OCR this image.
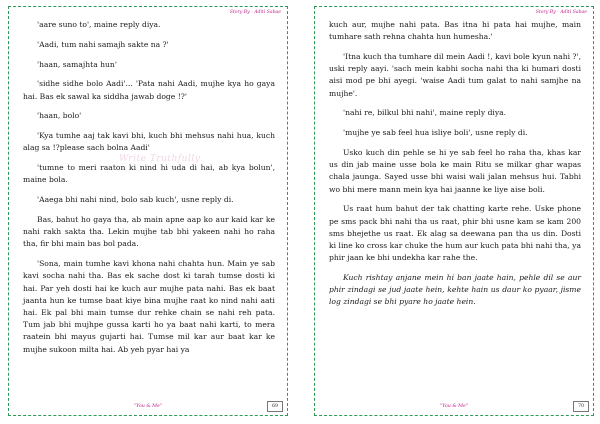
Story By - Aditi Sabae
Write Truthfully

'aare suno to', maine reply diya.

'Aadi, tum nahi samajh sakte na ?'

'haan, samajhta hun'

'sidhe sidhe bolo Aadi'... 'Pata nahi Aadi, mujhe kya ho gaya hai. Bas ek sawal ka siddha jawab doge !?'

'haan, bolo'

'Kya tumhe aaj tak kavi bhi, kuch bhi mehsus nahi hua, kuch alag sa !?please sach bolna Aadi'

'tumne to meri raaton ki nind hi uda di hai, ab kya bolun', maine bola.

'Aaega bhi nahi nind, bolo sab kuch', usne reply di.

Bas, bahut ho gaya tha, ab main apne aap ko aur kaid kar ke nahi rakh sakta tha. Lekin mujhe tab bhi yakeen nahi ho raha tha, fir bhi main bas bol pada.

'Sona, main tumhe kavi khona nahi chahta hun. Main ye sab kavi socha nahi tha. Bas ek sache dost ki tarah tumse dosti ki hai. Par yeh dosti hai ke kuch aur mujhe pata nahi. Bas ek baat jaanta hun ke tumse baat kiye bina mujhe raat ko nind nahi aati hai. Ek pal bhi main tumse dur rehke chain se nahi reh pata. Tum jab bhi mujhpe gussa karti ho ya baat nahi karti, to mera raatein bhi mayus gujarti hai. Tumse mil kar aur baat kar ke mujhe sukoon milta hai. Ab yeh pyar hai ya

"You & Me"	69
Story By - Aditi Sabae

kuch aur, mujhe nahi pata. Bas itna hi pata hai mujhe, main tumhare sath rehna chahta hun humesha.'

'Itna kuch tha tumhare dil mein Aadi !, kavi bole kyun nahi ?', uski reply aayi. 'sach mein kabhi socha nahi tha ki humari dosti aisi mod pe bhi ayegi. 'waise Aadi tum galat to nahi samjhe na mujhe'.

'nahi re, bilkul bhi nahi', maine reply diya.

'mujhe ye sab feel hua isliye boli', usne reply di.

Usko kuch din pehle se hi ye sab feel ho raha tha, khas kar us din jab maine usse bola ke main Ritu se milkar ghar wapas chala jaunga. Sayed usse bhi waisi wali jalan mehsus hui. Tabhi wo bhi mere mann mein kya hai jaanne ke liye aise boli.

Us raat hum bahut der tak chatting karte rehe. Uske phone pe sms pack bhi nahi tha us raat, phir bhi usne kam se kam 200 sms bhejethe us raat. Ek alag sa deewana pan tha us din. Dosti ki line ko cross kar chuke the hum aur kuch pata bhi nahi tha, ya phir jaan ke bhi undekha kar rahe the.

Kuch rishtay anjane mein hi ban jaate hain, pehle dil se aur phir zindagi se jud jaate hein, kehte hain us daur ko pyaar, jisme log zindagi se bhi pyare ho jaate hein.

"You & Me"	70
